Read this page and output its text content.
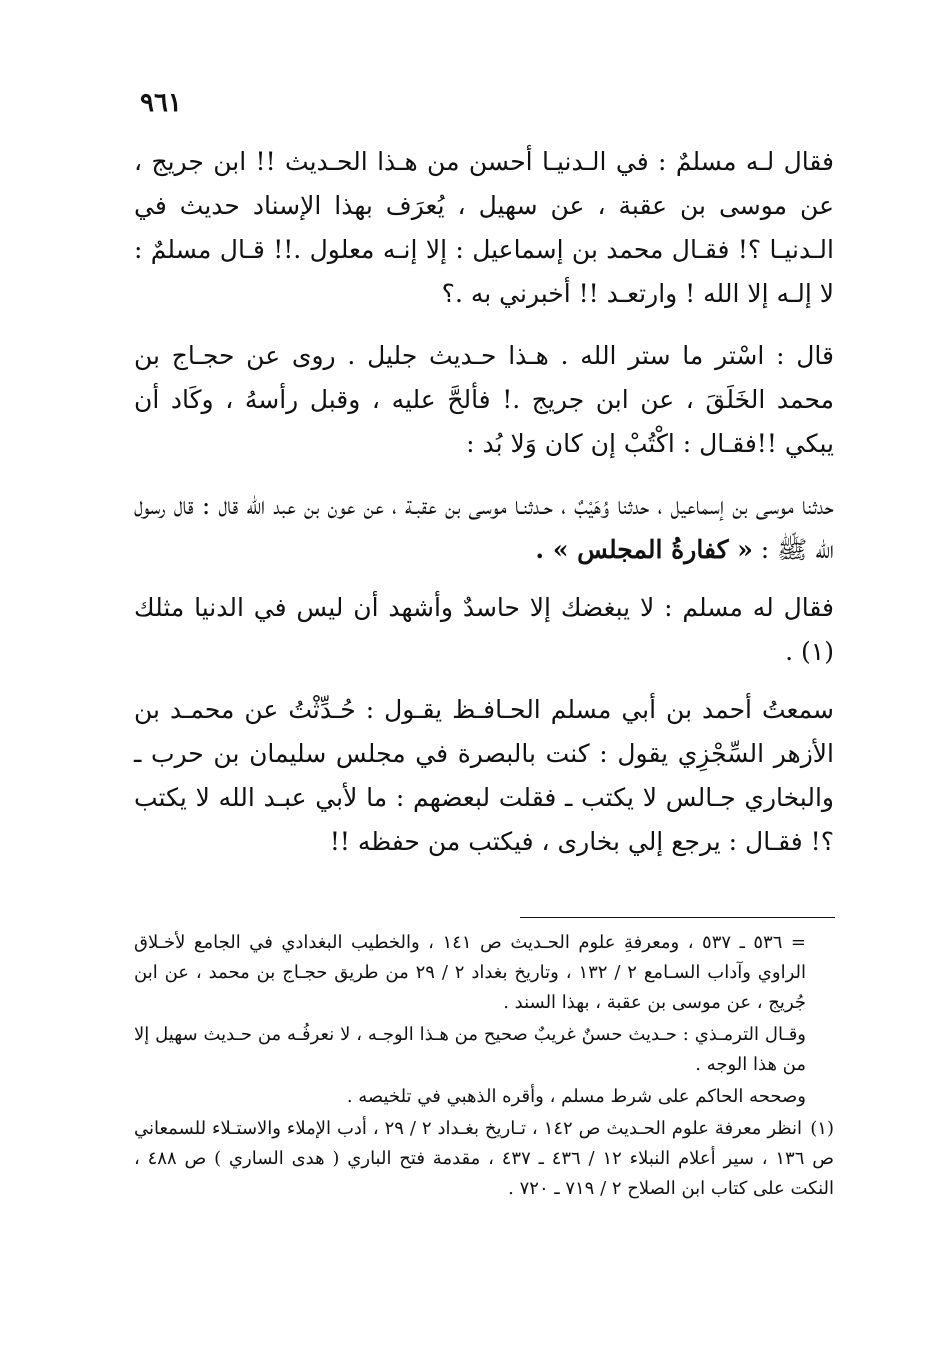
٩٦١

فقال لـه مسلمٌ : في الـدنيـا أحسن من هـذا الحـديث !! ابن جريج ، عن موسى بن عقبة ، عن سهيل ، يُعرَف بهذا الإسناد حديث في الـدنيـا ؟! فقـال محمد بن إسماعيل : إلا إنـه معلول .!! قـال مسلمٌ : لا إلـه إلا الله ! وارتعـد !! أخبرني به .؟

قال : اسْتر ما ستر الله . هـذا حـديث جليل . روى عن حجـاج بن محمد الخَلَقَ ، عن ابن جريج .! فألحَّ عليه ، وقبل رأسهُ ، وكَاد أن يبكي !!فقـال : اكْتُبْ إن كان وَلا بُد :

حدثنا موسى بن إسماعيل ، حدثنا وُهَيْبٌ ، حـدثنـا موسى بن عقبـة ، عن عون بن عبد الله قال : قال رسول الله ﷺ : « كفارةُ المجلس » .

فقال له مسلم : لا يبغضك إلا حاسدٌ وأشهد أن ليس في الدنيا مثلك (١) .

سمعتُ أحمد بن أبي مسلم الحـافـظ يقـول : حُـدِّثْتُ عن محمـد بن الأزهر السِّجْزِي يقول : كنت بالبصرة في مجلس سليمان بن حرب ـ والبخاري جـالس لا يكتب ـ فقلت لبعضهم : ما لأبي عبـد الله لا يكتب ؟! فقـال : يرجع إلي بخارى ، فيكتب من حفظه !!

= ٥٣٦ ـ ٥٣٧ ، ومعرفةِ علوم الحـديث ص ١٤١ ، والخطيب البغدادي في الجامع لأخـلاق الراوي وآداب السـامع ٢ / ١٣٢ ، وتاريخ بغداد ٢ / ٢٩ من طريق حجـاج بن محمد ، عن ابن جُريج ، عن موسى بن عقبة ، بهذا السند .

وقـال الترمـذي : حـديث حسنٌ غريبٌ صحيح من هـذا الوجـه ، لا نعرفُـه من حـديث سهيل إلا من هذا الوجه .

وصححه الحاكم على شرط مسلم ، وأقره الذهبي في تلخيصه .

(١) انظر معرفة علوم الحـديث ص ١٤٢ ، تـاريخ بغـداد ٢ / ٢٩ ، أدب الإملاء والاستـلاء للسمعاني ص ١٣٦ ، سير أعلام النبلاء ١٢ / ٤٣٦ ـ ٤٣٧ ، مقدمة فتح الباري ( هدى الساري ) ص ٤٨٨ ، النكت على كتاب ابن الصلاح ٢ / ٧١٩ ـ ٧٢٠ .
